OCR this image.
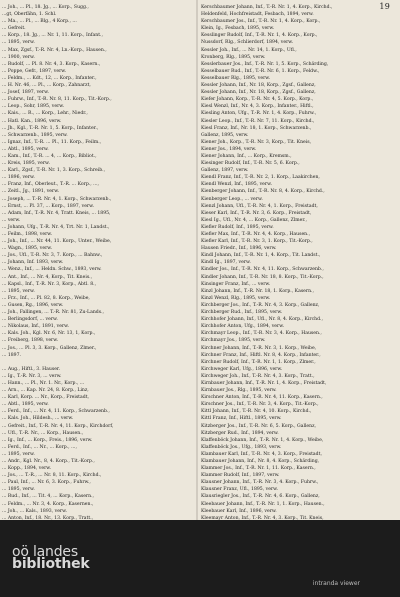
19
... Joh., ... Pl., 18. Jg., ... Korp., Sugg.,
...gt, Oberfähn, 1. Schl.
... Ma., ... Pl., ... Blg., 4 Korp., ...
... Gefreit.
... Korp., 18. Jg., ... Nr. 1, 11. Korp., Infant.,
... 1895, verw.
... Max, Zgsf., T.-R. Nr. 4, Ln.-Korp., Hausen.,
... 1900, verw.
... Rudolf, ... Pl. 8. Nr. 4, 3. Korp., Kasern.,
... Poppe, Gefr., 1897, verw.
... Feldm., ... Kdt., 12, ... Korp., Infanter.,
... H. Nr. 46, ... Pl., ... Korp., Zahnarzt,
... Josef, 1897, verw.
... Fuhrw., Inf., T.-R. Nr. 8, 11. Korp., Tit.-Korp.,
... Leop., Sohr, 1895, verw.
... Kais., ... R., ... Korp., Lehr., Niedr.,
... Hatl. Kan., 1896, verw.
... Jh., Kgl., T.-R. Nr. 1, 5. Korp., Infanter.,
... Schwarzenb., 1895, verw.
... Ignaz, Inf., T.-R. ... Pl., 11. Korp., Feilm.,
... Abtl., 1895, verw.
... Kam., Inf., T.-R. ... 4, ... Korp., Bibliot.,
... Kreis, 1895, verw.
... Karl., Zgsf., T.-R. Nr. 1, 3. Korp., Schreib.,
... 1896, verw.
... Franz, Inf., Oberleut., T.-R. ... Korp., ...,
... Zeitl., Jg., 1891, verw.
... Joseph, ... T.-R. Nr. 4, 1. Korp., Schwarzenb.,
... Ernst, ... Pl. 37, ... Korp., 1897, verw.
... Adam, Inf., T.-R. Nr. 4, Tratt. Kneis, ... 1895,
... verw.
... Johann, Ufg., T.-R. Nr. 4, Trt. Nr. 1, Landst.,
... Feilm., 1898, verw.
... Joh., Inf., ... Nr. 44, 11. Korp., Unter., Weibe,
... Wagn., 1895, verw.
... Jos., Ufl., T.-R. Nr. 3, 7. Korp., ... Bahnw.,
... Johann, Inf. 1893, verw.
... Wenz., Inf., ... Heldn. Schw., 1893, verw.
... Ant., Inf., ... Nr. 4, Korp., Tit. Kneis.,
... Kapsl., Inf., T.-R. Nr. 3, Korp., Abtl. 8.,
... 1895, verw.
... Frz., Inf., ... Pl. 82, 8. Korp., Weibe,
... Gusen, Rg., 1896, verw.
... Joh., Fallingen, ... T.-R. Nr. 81, Zu-Lands.,
... Berlingsdorf, ... verw.
... Nikolaus, Inf., 1891, verw.
... Kals. Joh., Kgl. Nr. 6, Nr. 13, 1, Korp.,
... Freiberg, 1898, verw.
... Jos., ... Pl. 3, 3. Korp., Gallenz, Zlmer.,
... 1897.
... Aug., Hiftl., 3. Hauser.
... Ig., T.-R. Nr. 3, ... verw.
... Hann., ... Pl., Nr. 1. Nr., Korp., ...
... Arn., ... Kap. Nr. 24, 8. Korp., Linz,
... Karl, Korp. ... Nr., Korp., Freistadt,
... Abtl., 1895, verw.
... Ferd., Inf., ... Nr. 4, 11. Korp., Schwarzenb.,
... Kals. Joh., Hildesh., ... verw.
... Gefreit., Inf., T.-R. Nr. 4, 11. Korp., Kirchdorf,
... Ufl., T.-R. Nr., ... Korp., Hausen.,
... Ig., Inf., ... Korp., Freis., 1896, verw.
... Ferd., Inf., ... Nr., ... Korp., ...,
... 1895, verw.
... Andr., Kgl. Nr., 8, 4. Korp., Tit.-Korp.,
... Kopp., 1894, verw.
... Jos., ... T.-R., ... Nr. 8, 11. Korp., Kirchd.,
... Paul, Inf., ... Nr. 6, 3. Korp., Fuhrw.,
... 1895, verw.
... Rud., Inf., ... Tit. 4, ... Korp., Kasern.,
... Feldm., ... Nr. 3, 4. Korp., Kasernen.,
... Joh., ... Kals., 1893, verw.
... Anton, Inf., 18. Nr., 13. Korp., Tratt.,
Kerschbaumer Johann, Inf., T.-R. Nr. 1, 4. Korp., Kirchd.,
Heldenfeld, Hochfreistadt, Fesbach, 1894, verw.
Kerschbaumer Jos., Inf., T.-R. Nr. 1, 4. Korp., Korp.,
Klein, Ig., Fesbach, 1895, verw.
Kesslinger Rudolf, Inf., T.-R. Nr. 1, 4. Korp., Korp.,
Nussdorf, Rlg., Schlierdorf, 1894, verw.
Kessler Joh., Inf., ... Nr. 14, 1. Korp., Ufl.,
Kronberg, Rlg., 1895, verw.
Kesslerbauer Jos., Inf., T.-R. Nr. 1, 5. Korp., Schärding,
Kesselbauer Rud., Inf., T.-R. Nr. 6, 1. Korp., Feldw.,
Kesselbauer Rlg., 1895, verw.
Kessler Johann, Inf., Nr. 18, Korp., Zgsf., Gallenz,
Kessler Johann, Inf., Nr. 18, Korp., Zgsf., Gallenz,
Kiefer Johann, Korp., T.-R. Nr. 4, 5. Korp., Korp.,
Kiesl Wenzl, Inf., Nr. 4, 3. Korp., Infanter., Hiftl.,
Kiesling Anton, Ufg., T.-R. Nr. 1, 4. Korp., Fuhrw.,
Kiesler Leop., Inf., T.-R. Nr. 7, 11. Korp., Kirchd.,
Kiesl Franz, Inf., Nr. 18, 1. Korp., Schwarzenb.,
Gallenz, 1895, verw.
Kiener Joh., Korp., T.-R. Nr. 3, Korp., Tit. Kneis,
Kiener Jos., 1894, verw.
Kiener Johann, Inf., ... Korp., Kremsm.,
Kiesinger Rudolf, Inf., T.-R. Nr. 5, 6. Korp.,
Gallenz, 1897, verw.
Kiendl Franz, Inf., T.-R. Nr. 2, 1. Korp., Laakirchen,
Kiendl Wenzl, Inf., 1895, verw.
Kienberger Johann, Inf., T.-R. Nr. 8, 4. Korp., Kirchd.,
Kienberger Leop., ... verw.
Kienzl Johann, Ufl., T.-R. Nr. 4, 1. Korp., Freistadt,
Kieser Karl, Inf., T.-R. Nr. 3, 6. Korp., Freistadt,
Kiesl Ig., Ufl., Nr. 4, ... Korp., Gallenz, Zlmer.,
Kiefler Rudolf, Inf., 1895, verw.
Kiefler Max, Inf., T.-R. Nr. 4, 4. Korp., Hausen.,
Kiefler Karl, Inf., T.-R. Nr. 3, 1. Korp., Tit.-Korp.,
Hausen Friedr., Inf., 1896, verw.
Kindl Johann, Inf., T.-R. Nr. 1, 4. Korp., Tit. Landst.,
Kindl Ig., 1897, verw.
Kindler Jos., Inf., T.-R. Nr. 4, 11. Korp., Schwarzenb.,
Kindler Johann, Inf., T.-R. Nr. 18, 8. Korp., Tit.-Korp.,
Kinsinger Franz, Inf., ... verw.
Kinzl Johann, Inf., T.-R. Nr. 18, 1. Korp., Kasern.,
Kinzl Wenzl, Rlg., 1895, verw.
Kirchberger Jos., Inf., T.-R. Nr. 4, 3. Korp., Gallenz,
Kirchberger Rud., Inf., 1895, verw.
Kirchhofer Johann, Inf., Ufl., Nr. 8, 4. Korp., Kirchd.,
Kirchhofer Anton, Ufg., 1894, verw.
Kirchmayr Leop., Inf., T.-R. Nr. 3, 4. Korp., Hausen.,
Kirchmayr Jos., 1895, verw.
Kirchner Johann, Inf., T.-R. Nr. 3, 1. Korp., Weibe,
Kirchner Franz, Inf., Hiftl. Nr. 8, 4. Korp., Infanter.,
Kirchner Rudolf, Inf., T.-R. Nr. 1, 1. Korp., Zlmer.,
Kirchweger Karl, Ufg., 1896, verw.
Kirchweger Joh., Inf., T.-R. Nr. 4, 3. Korp., Tratt.,
Kirnbauer Johann, Inf., T.-R. Nr. 1, 4. Korp., Freistadt,
Kirnbauer Jos., Rlg., 1895, verw.
Kirschner Anton, Inf., T.-R. Nr. 4, 11. Korp., Kasern.,
Kirschner Jos., Inf., T.-R. Nr. 3, 4. Korp., Tit.-Korp.,
Kittl Johann, Inf., T.-R. Nr. 4, 10. Korp., Kirchd.,
Kittl Franz, Inf., Hiftl., 1895, verw.
Kitzberger Jos., Inf., T.-R. Nr. 6, 5. Korp., Gallenz,
Kitzberger Rud., Inf., 1894, verw.
Klaffenböck Johann, Inf., T.-R. Nr. 1, 4. Korp., Weibe,
Klaffenböck Jos., Ufg., 1893, verw.
Klambauer Karl, Inf., T.-R. Nr. 4, 3. Korp., Freistadt,
Klambauer Johann, Inf., Nr. 8, 4. Korp., Schärding,
Klammer Jos., Inf., T.-R. Nr. 1, 11. Korp., Kasern.,
Klammer Rudolf, Inf., 1897, verw.
Klausner Johann, Inf., T.-R. Nr. 3, 4. Korp., Fuhrw.,
Klausner Franz, Ufl., 1895, verw.
Klausriegler Jos., Inf., T.-R. Nr. 4, 6. Korp., Gallenz,
Kleebauer Johann, Inf., T.-R. Nr. 1, 1. Korp., Hausen.,
Kleebauer Karl, Inf., 1896, verw.
Kleemayr Anton, Inf., T.-R. Nr. 4, 3. Korp., Tit. Kneis,
oö landes
bibliothek
intranda viewer
